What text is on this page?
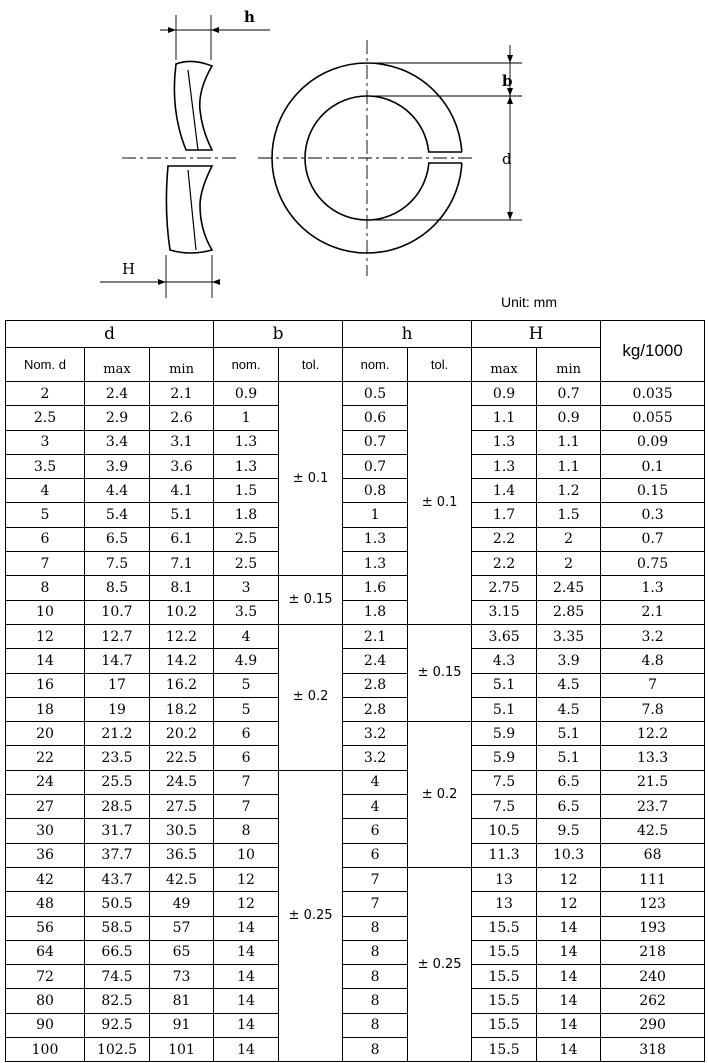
h
b
d
H
Unit: mm
d			b		h		H		kg/1000
Nom. d	max	min	nom.	tol.	nom.	tol.	max	min	
2	2.4	2.1	0.9	± 0.1	0.5	± 0.1	0.9	0.7	0.035
2.5	2.9	2.6	1		0.6		1.1	0.9	0.055
3	3.4	3.1	1.3		0.7		1.3	1.1	0.09
3.5	3.9	3.6	1.3		0.7		1.3	1.1	0.1
4	4.4	4.1	1.5		0.8		1.4	1.2	0.15
5	5.4	5.1	1.8		1		1.7	1.5	0.3
6	6.5	6.1	2.5		1.3		2.2	2	0.7
7	7.5	7.1	2.5		1.3		2.2	2	0.75
8	8.5	8.1	3	± 0.15	1.6		2.75	2.45	1.3
10	10.7	10.2	3.5		1.8		3.15	2.85	2.1
12	12.7	12.2	4	± 0.2	2.1	± 0.15	3.65	3.35	3.2
14	14.7	14.2	4.9		2.4		4.3	3.9	4.8
16	17	16.2	5		2.8		5.1	4.5	7
18	19	18.2	5		2.8		5.1	4.5	7.8
20	21.2	20.2	6		3.2	± 0.2	5.9	5.1	12.2
22	23.5	22.5	6		3.2		5.9	5.1	13.3
24	25.5	24.5	7	± 0.25	4		7.5	6.5	21.5
27	28.5	27.5	7		4		7.5	6.5	23.7
30	31.7	30.5	8		6		10.5	9.5	42.5
36	37.7	36.5	10		6		11.3	10.3	68
42	43.7	42.5	12		7	± 0.25	13	12	111
48	50.5	49	12		7		13	12	123
56	58.5	57	14		8		15.5	14	193
64	66.5	65	14		8		15.5	14	218
72	74.5	73	14		8		15.5	14	240
80	82.5	81	14		8		15.5	14	262
90	92.5	91	14		8		15.5	14	290
100	102.5	101	14		8		15.5	14	318
